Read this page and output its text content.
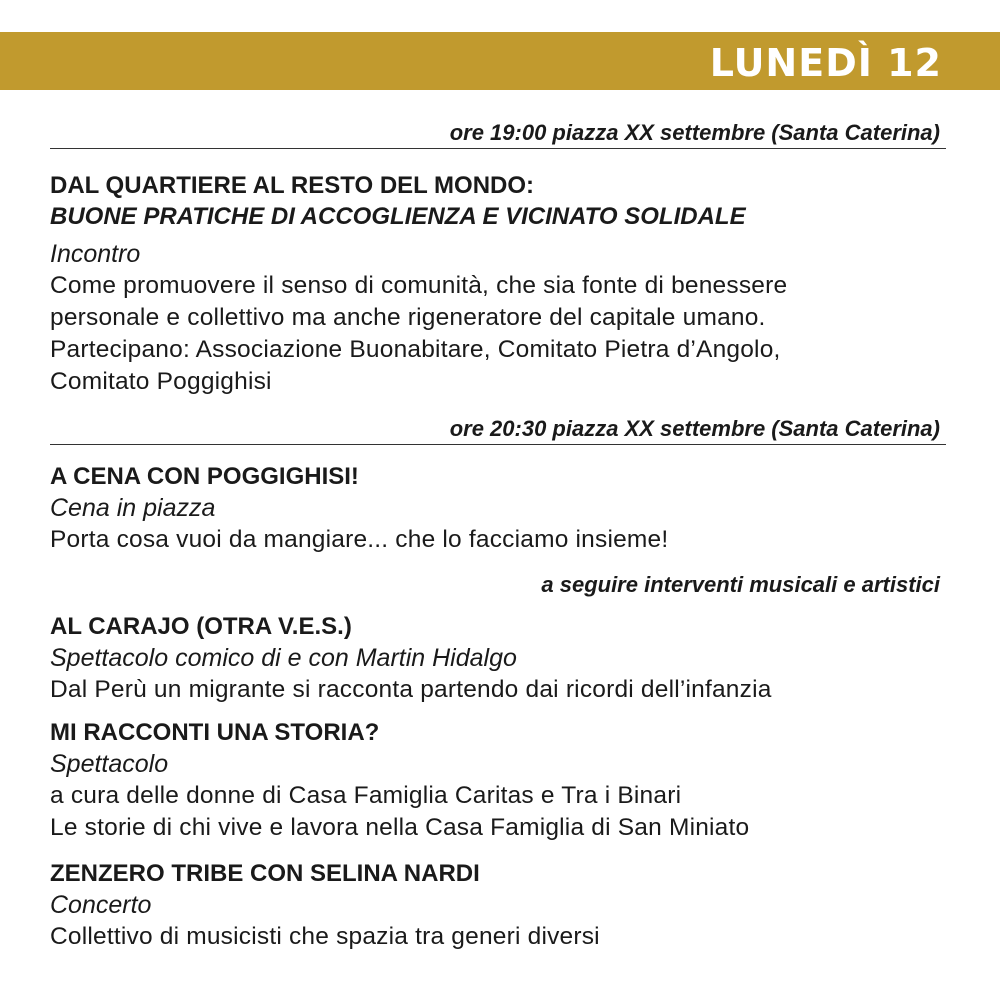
LUNEDÌ 12
ore 19:00 piazza XX settembre (Santa Caterina)
DAL QUARTIERE AL RESTO DEL MONDO:
BUONE PRATICHE DI ACCOGLIENZA E VICINATO SOLIDALE
Incontro
Come promuovere il senso di comunità, che sia fonte di benessere
personale e collettivo ma anche rigeneratore del capitale umano.
Partecipano: Associazione Buonabitare, Comitato Pietra d’Angolo,
Comitato Poggighisi
ore 20:30 piazza XX settembre (Santa Caterina)
A CENA CON POGGIGHISI!
Cena in piazza
Porta cosa vuoi da mangiare... che lo facciamo insieme!
a seguire interventi musicali e artistici
AL CARAJO (OTRA V.E.S.)
Spettacolo comico di e con Martin Hidalgo
Dal Perù un migrante si racconta partendo dai ricordi dell’infanzia
MI RACCONTI UNA STORIA?
Spettacolo
a cura delle donne di Casa Famiglia Caritas e Tra i Binari
Le storie di chi vive e lavora nella Casa Famiglia di San Miniato
ZENZERO TRIBE CON SELINA NARDI
Concerto
Collettivo di musicisti che spazia tra generi diversi
